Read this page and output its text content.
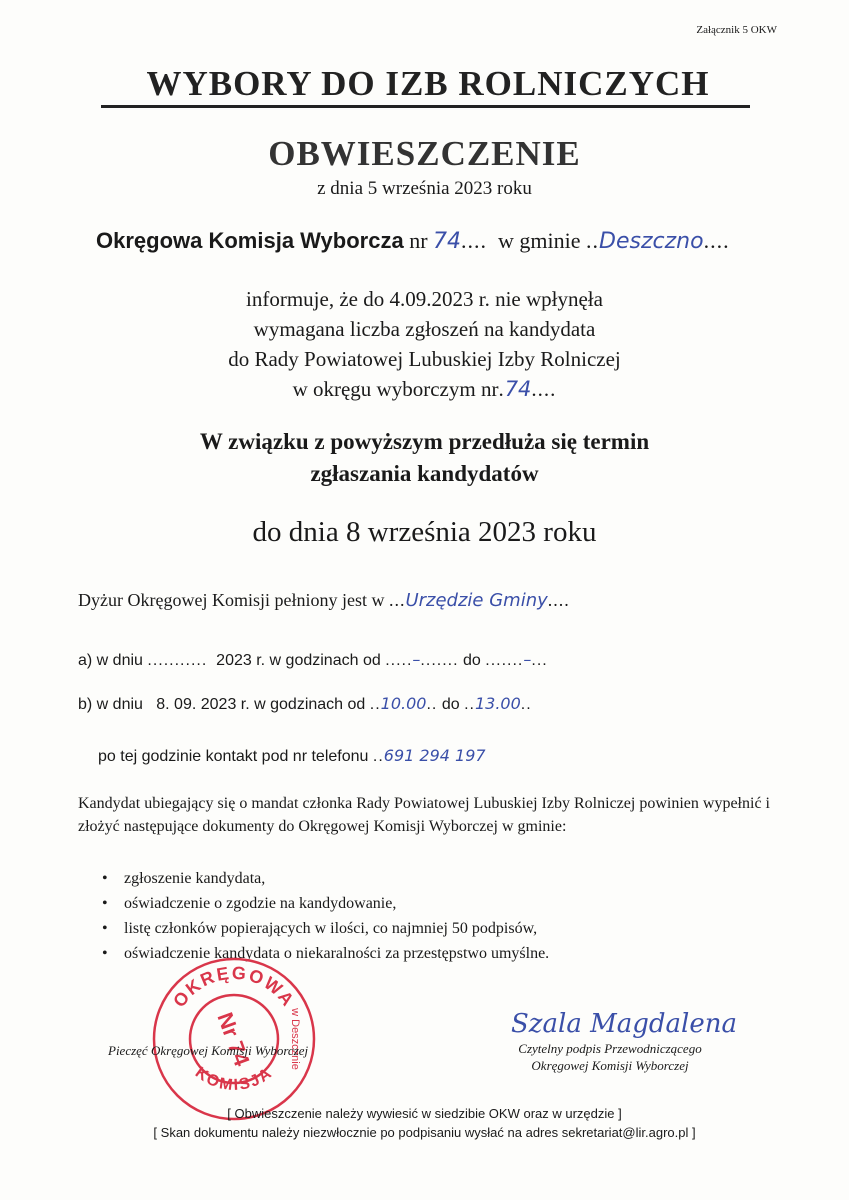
Załącznik 5 OKW
WYBORY DO IZB ROLNICZYCH
OBWIESZCZENIE
z dnia 5 września 2023 roku
Okręgowa Komisja Wyborcza nr 74.... w gminie ..Deszczno....
informuje, że do 4.09.2023 r. nie wpłynęła
wymagana liczba zgłoszeń na kandydata
do Rady Powiatowej Lubuskiej Izby Rolniczej
w okręgu wyborczym nr.74....
W związku z powyższym przedłuża się termin
zgłaszania kandydatów
do dnia 8 września 2023 roku
Dyżur Okręgowej Komisji pełniony jest w ...Urzędzie Gminy....
a) w dniu ........... 2023 r. w godzinach od .....–....... do .......–...
b) w dniu 8. 09. 2023 r. w godzinach od ..10.00.. do ..13.00..
po tej godzinie kontakt pod nr telefonu ..691 294 197
Kandydat ubiegający się o mandat członka Rady Powiatowej Lubuskiej Izby Rolniczej powinien wypełnić i złożyć następujące dokumenty do Okręgowej Komisji Wyborczej w gminie:
• zgłoszenie kandydata,
• oświadczenie o zgodzie na kandydowanie,
• listę członków popierających w ilości, co najmniej 50 podpisów,
• oświadczenie kandydata o niekaralności za przestępstwo umyślne.
OKRĘGOWA
KOMISJA
Nr 74	w Deszcznie
Pieczęć Okręgowej Komisji Wyborczej
Szala Magdalena
Czytelny podpis Przewodniczącego
Okręgowej Komisji Wyborczej
[ Obwieszczenie należy wywiesić w siedzibie OKW oraz w urzędzie ]
[ Skan dokumentu należy niezwłocznie po podpisaniu wysłać na adres sekretariat@lir.agro.pl ]
